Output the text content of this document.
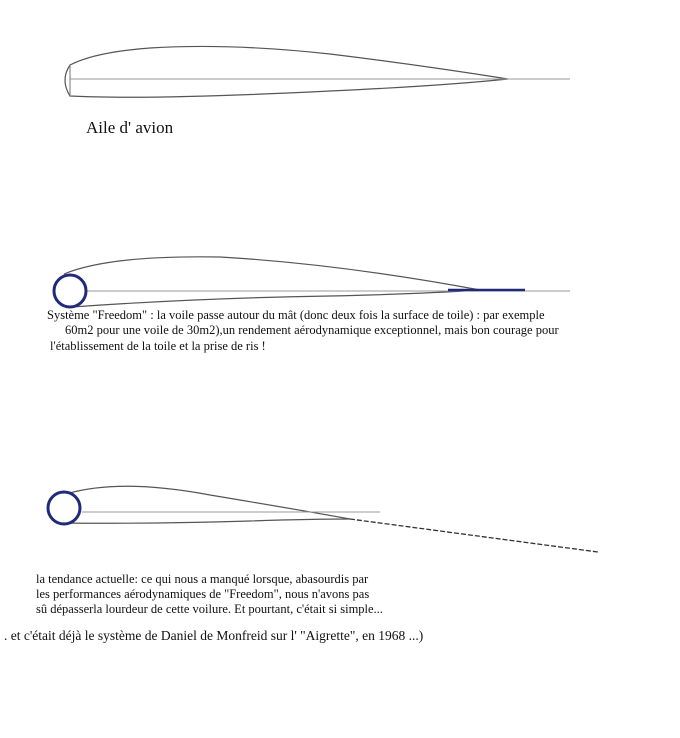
Aile d' avion

Système "Freedom" : la voile passe autour du mât (donc deux fois la surface de toile) : par exemple

60m2 pour une voile de 30m2),un rendement aérodynamique exceptionnel, mais bon courage pour

l'établissement de la toile et la prise de ris !

la tendance actuelle: ce qui nous a manqué lorsque, abasourdis par

les performances aérodynamiques de "Freedom", nous n'avons pas

sû dépasserla lourdeur de cette voilure. Et pourtant, c'était si simple...

. et c'était déjà le système de Daniel de Monfreid sur l' "Aigrette", en 1968 ...)
